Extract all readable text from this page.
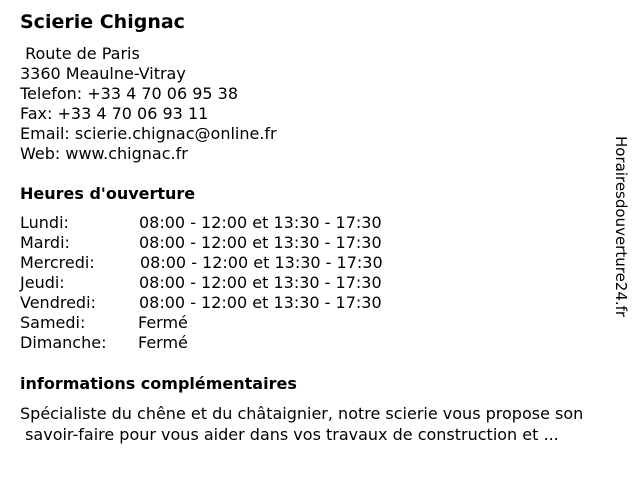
Scierie Chignac
Route de Paris
3360 Meaulne-Vitray
Telefon: +33 4 70 06 95 38
Fax: +33 4 70 06 93 11
Email: scierie.chignac@online.fr
Web: www.chignac.fr
Heures d'ouverture
Lundi:	08:00 - 12:00 et 13:30 - 17:30
Mardi:	08:00 - 12:00 et 13:30 - 17:30
Mercredi:	08:00 - 12:00 et 13:30 - 17:30
Jeudi:	08:00 - 12:00 et 13:30 - 17:30
Vendredi:	08:00 - 12:00 et 13:30 - 17:30
Samedi:	Fermé
Dimanche: Fermé
informations complémentaires
Spécialiste du chêne et du châtaignier, notre scierie vous propose son
savoir-faire pour vous aider dans vos travaux de construction et ...
Horairesdouverture24.fr
